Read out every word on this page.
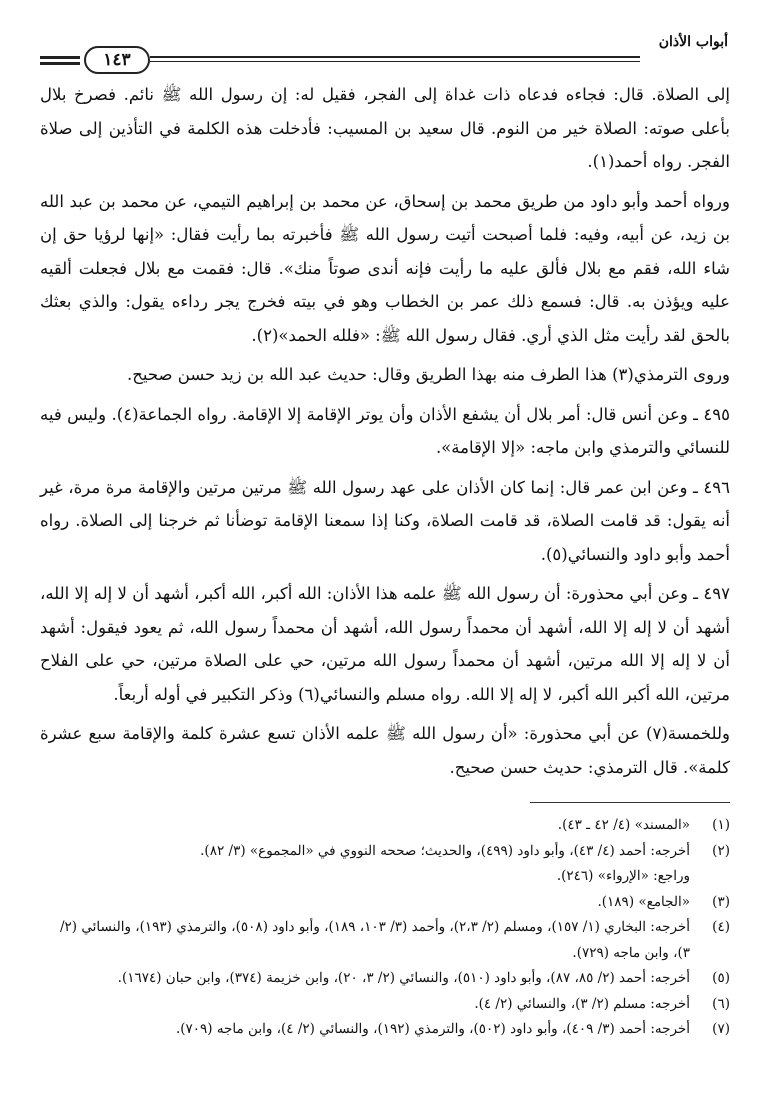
أبواب الأذان
١٤٣

إلى الصلاة. قال: فجاءه فدعاه ذات غداة إلى الفجر، فقيل له: إن رسول الله ﷺ نائم. فصرخ بلال بأعلى صوته: الصلاة خير من النوم. قال سعيد بن المسيب: فأدخلت هذه الكلمة في التأذين إلى صلاة الفجر. رواه أحمد(١).

ورواه أحمد وأبو داود من طريق محمد بن إسحاق، عن محمد بن إبراهيم التيمي، عن محمد بن عبد الله بن زيد، عن أبيه، وفيه: فلما أصبحت أتيت رسول الله ﷺ فأخبرته بما رأيت فقال: «إنها لرؤيا حق إن شاء الله، فقم مع بلال فألق عليه ما رأيت فإنه أندى صوتاً منك». قال: فقمت مع بلال فجعلت ألقيه عليه ويؤذن به. قال: فسمع ذلك عمر بن الخطاب وهو في بيته فخرج يجر رداءه يقول: والذي بعثك بالحق لقد رأيت مثل الذي أري. فقال رسول الله ﷺ: «فلله الحمد»(٢).

وروى الترمذي(٣) هذا الطرف منه بهذا الطريق وقال: حديث عبد الله بن زيد حسن صحيح.

٤٩٥ ـ وعن أنس قال: أمر بلال أن يشفع الأذان وأن يوتر الإقامة إلا الإقامة. رواه الجماعة(٤). وليس فيه للنسائي والترمذي وابن ماجه: «إلا الإقامة».

٤٩٦ ـ وعن ابن عمر قال: إنما كان الأذان على عهد رسول الله ﷺ مرتين مرتين والإقامة مرة مرة، غير أنه يقول: قد قامت الصلاة، قد قامت الصلاة، وكنا إذا سمعنا الإقامة توضأنا ثم خرجنا إلى الصلاة. رواه أحمد وأبو داود والنسائي(٥).

٤٩٧ ـ وعن أبي محذورة: أن رسول الله ﷺ علمه هذا الأذان: الله أكبر، الله أكبر، أشهد أن لا إله إلا الله، أشهد أن لا إله إلا الله، أشهد أن محمداً رسول الله، أشهد أن محمداً رسول الله، ثم يعود فيقول: أشهد أن لا إله إلا الله مرتين، أشهد أن محمداً رسول الله مرتين، حي على الصلاة مرتين، حي على الفلاح مرتين، الله أكبر الله أكبر، لا إله إلا الله. رواه مسلم والنسائي(٦) وذكر التكبير في أوله أربعاً.

وللخمسة(٧) عن أبي محذورة: «أن رسول الله ﷺ علمه الأذان تسع عشرة كلمة والإقامة سبع عشرة كلمة». قال الترمذي: حديث حسن صحيح.

(١)
«المسند» (٤/ ٤٢ ـ ٤٣).
(٢)
أخرجه: أحمد (٤/ ٤٣)، وأبو داود (٤٩٩)، والحديث؛ صححه النووي في «المجموع» (٣/ ٨٢).
وراجع: «الإرواء» (٢٤٦).
(٣)
«الجامع» (١٨٩).
(٤)
أخرجه: البخاري (١/ ١٥٧)، ومسلم (٢/ ٢،٣)، وأحمد (٣/ ١٠٣، ١٨٩)، وأبو داود (٥٠٨)، والترمذي (١٩٣)، والنسائي (٢/ ٣)، وابن ماجه (٧٢٩).
(٥)
أخرجه: أحمد (٢/ ٨٥، ٨٧)، وأبو داود (٥١٠)، والنسائي (٢/ ٣، ٢٠)، وابن خزيمة (٣٧٤)، وابن حبان (١٦٧٤).
(٦)
أخرجه: مسلم (٢/ ٣)، والنسائي (٢/ ٤).
(٧)
أخرجه: أحمد (٣/ ٤٠٩)، وأبو داود (٥٠٢)، والترمذي (١٩٢)، والنسائي (٢/ ٤)، وابن ماجه (٧٠٩).
